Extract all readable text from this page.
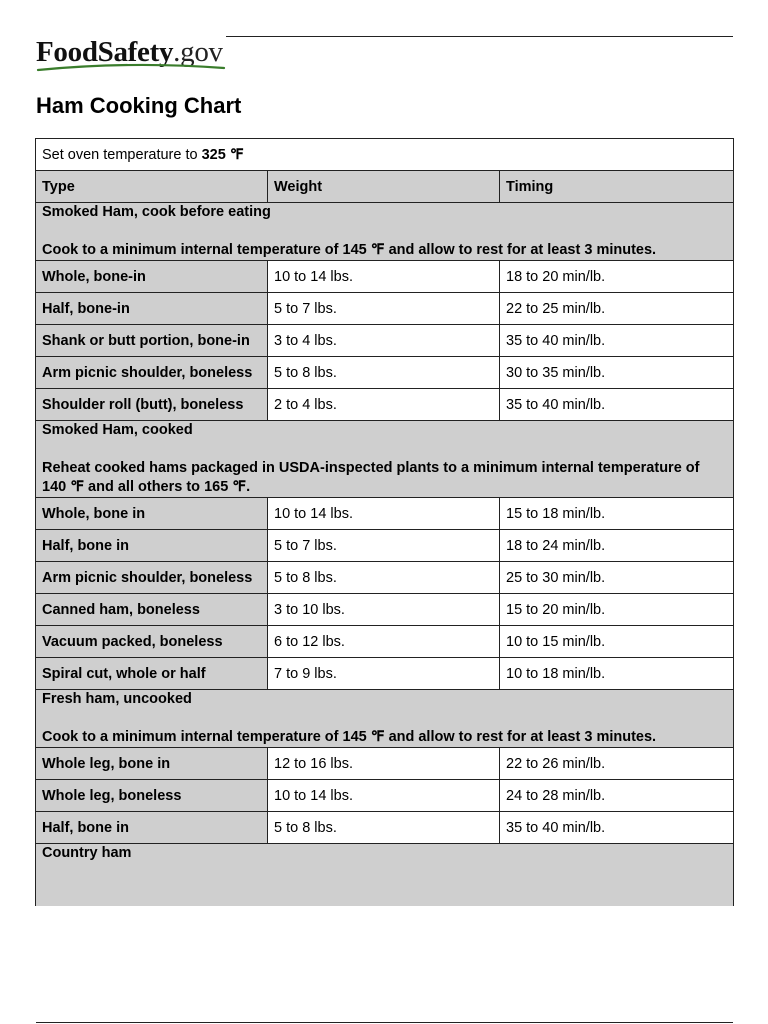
FoodSafety.gov
Ham Cooking Chart
Set oven temperature to 325 ℉		
Type	Weight	Timing

Smoked Ham, cook before eating
Cook to a minimum internal temperature of 145 ℉ and allow to rest for at least 3 minutes.		

Whole, bone-in	10 to 14 lbs.	18 to 20 min/lb.
Half, bone-in	5 to 7 lbs.	22 to 25 min/lb.
Shank or butt portion, bone-in	3 to 4 lbs.	35 to 40 min/lb.
Arm picnic shoulder, boneless	5 to 8 lbs.	30 to 35 min/lb.
Shoulder roll (butt), boneless	2 to 4 lbs.	35 to 40 min/lb.

Smoked Ham, cooked
Reheat cooked hams packaged in USDA-inspected plants to a minimum internal temperature of 140 ℉ and all others to 165 ℉.		

Whole, bone in	10 to 14 lbs.	15 to 18 min/lb.
Half, bone in	5 to 7 lbs.	18 to 24 min/lb.
Arm picnic shoulder, boneless	5 to 8 lbs.	25 to 30 min/lb.
Canned ham, boneless	3 to 10 lbs.	15 to 20 min/lb.
Vacuum packed, boneless	6 to 12 lbs.	10 to 15 min/lb.
Spiral cut, whole or half	7 to 9 lbs.	10 to 18 min/lb.

Fresh ham, uncooked
Cook to a minimum internal temperature of 145 ℉ and allow to rest for at least 3 minutes.		

Whole leg, bone in	12 to 16 lbs.	22 to 26 min/lb.
Whole leg, boneless	10 to 14 lbs.	24 to 28 min/lb.
Half, bone in	5 to 8 lbs.	35 to 40 min/lb.

Country ham		
